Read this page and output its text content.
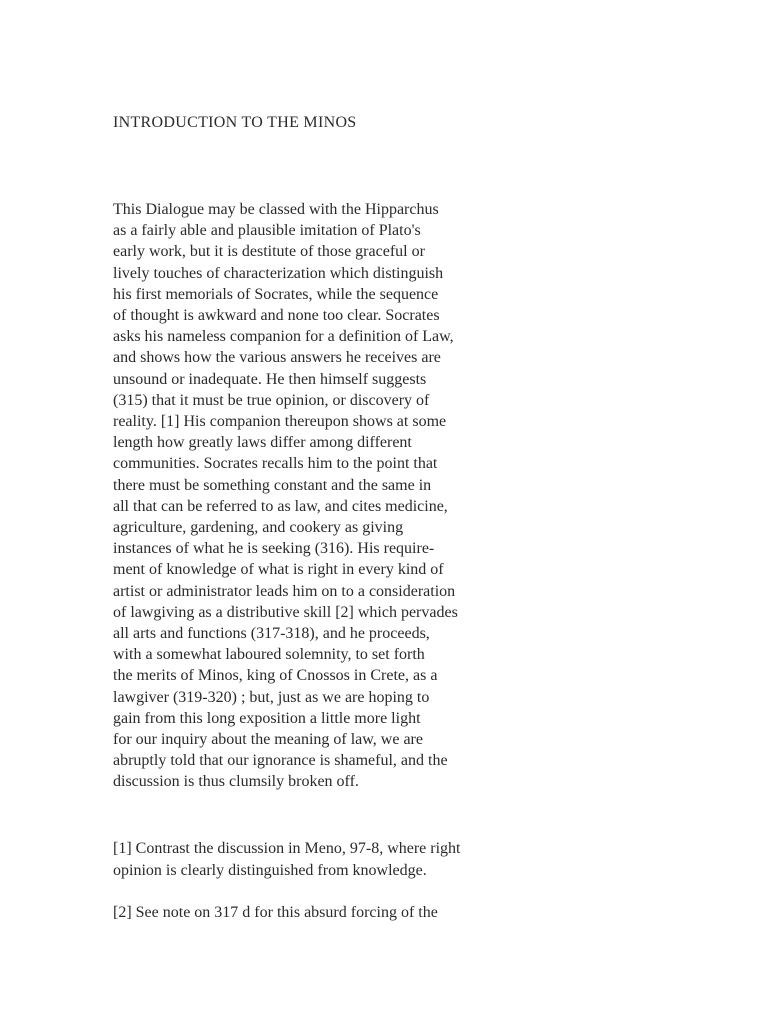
INTRODUCTION TO THE MINOS
This Dialogue may be classed with the Hipparchus
as a fairly able and plausible imitation of Plato's
early work, but it is destitute of those graceful or
lively touches of characterization which distinguish
his first memorials of Socrates, while the sequence
of thought is awkward and none too clear. Socrates
asks his nameless companion for a definition of Law,
and shows how the various answers he receives are
unsound or inadequate. He then himself suggests
(315) that it must be true opinion, or discovery of
reality. [1] His companion thereupon shows at some
length how greatly laws differ among different
communities. Socrates recalls him to the point that
there must be something constant and the same in
all that can be referred to as law, and cites medicine,
agriculture, gardening, and cookery as giving
instances of what he is seeking (316). His require-
ment of knowledge of what is right in every kind of
artist or administrator leads him on to a consideration
of lawgiving as a distributive skill [2] which pervades
all arts and functions (317-318), and he proceeds,
with a somewhat laboured solemnity, to set forth
the merits of Minos, king of Cnossos in Crete, as a
lawgiver (319-320) ; but, just as we are hoping to
gain from this long exposition a little more light
for our inquiry about the meaning of law, we are
abruptly told that our ignorance is shameful, and the
discussion is thus clumsily broken off.
[1] Contrast the discussion in Meno, 97-8, where right
opinion is clearly distinguished from knowledge.
[2] See note on 317 d for this absurd forcing of the
